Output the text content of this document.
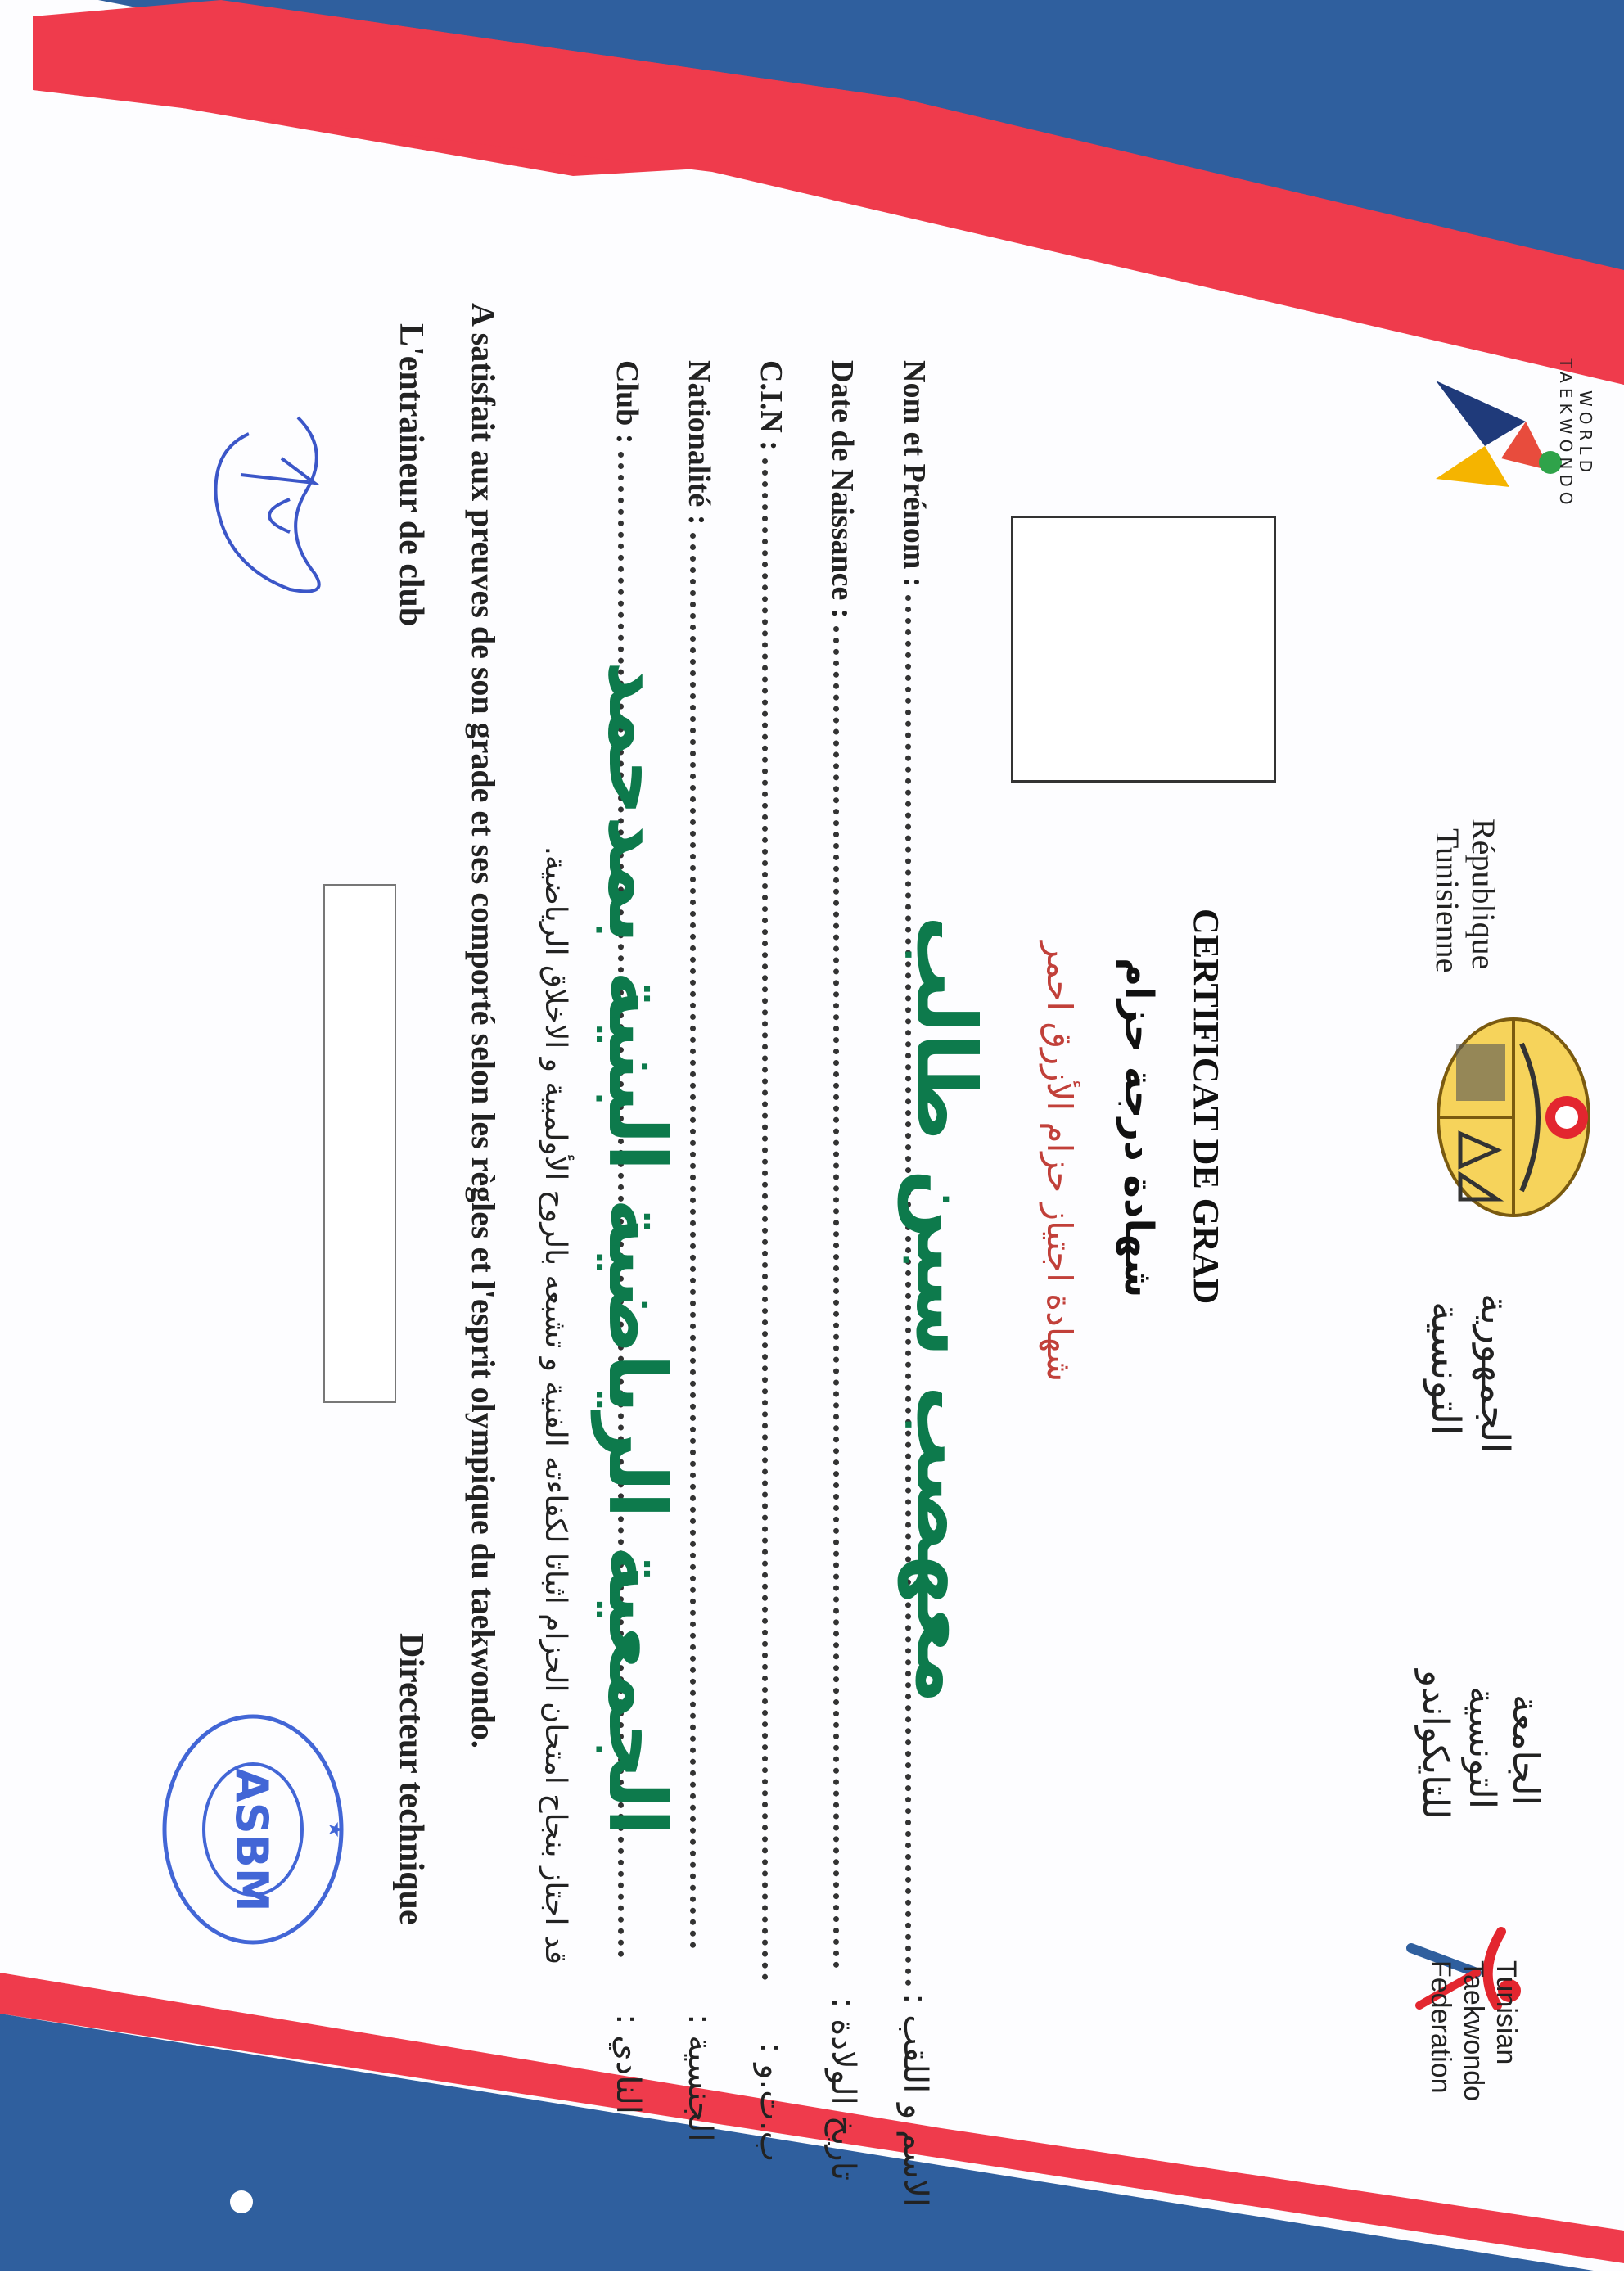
WORLD TAEKWONDO
République
Tunisienne
الجمهورية
التونسية
الجامعة
التونسية
للتايكواندو
Tunisian
Taekwondo
Federation
CERTIFICAT DE GRAD
شهادة درجة حزام
شهادة اجتياز حزام الأزرق احمر
Nom et Prénom :
الاسم و اللقب :
معهصب سبن طالب
Date de Naissance :
تاريخ الولادة :
C.I.N :
ب.ت.و :
Nationalité :
الجنسية :
Club :
النادي :
الجمعية الرياضية البنية بمدحمد
قد اجتاز بنجاح امتحان الحزام اثباتا لكفاءته الفنية و تشبعه بالروح الأولمبية و الاخلاق الرياضية.
A satisfait aux preuves de son grade et ses comporté selon les règles et l'esprit olympique du taekwondo.
L'entraineur de club
Directeur technique
★
ASBM
